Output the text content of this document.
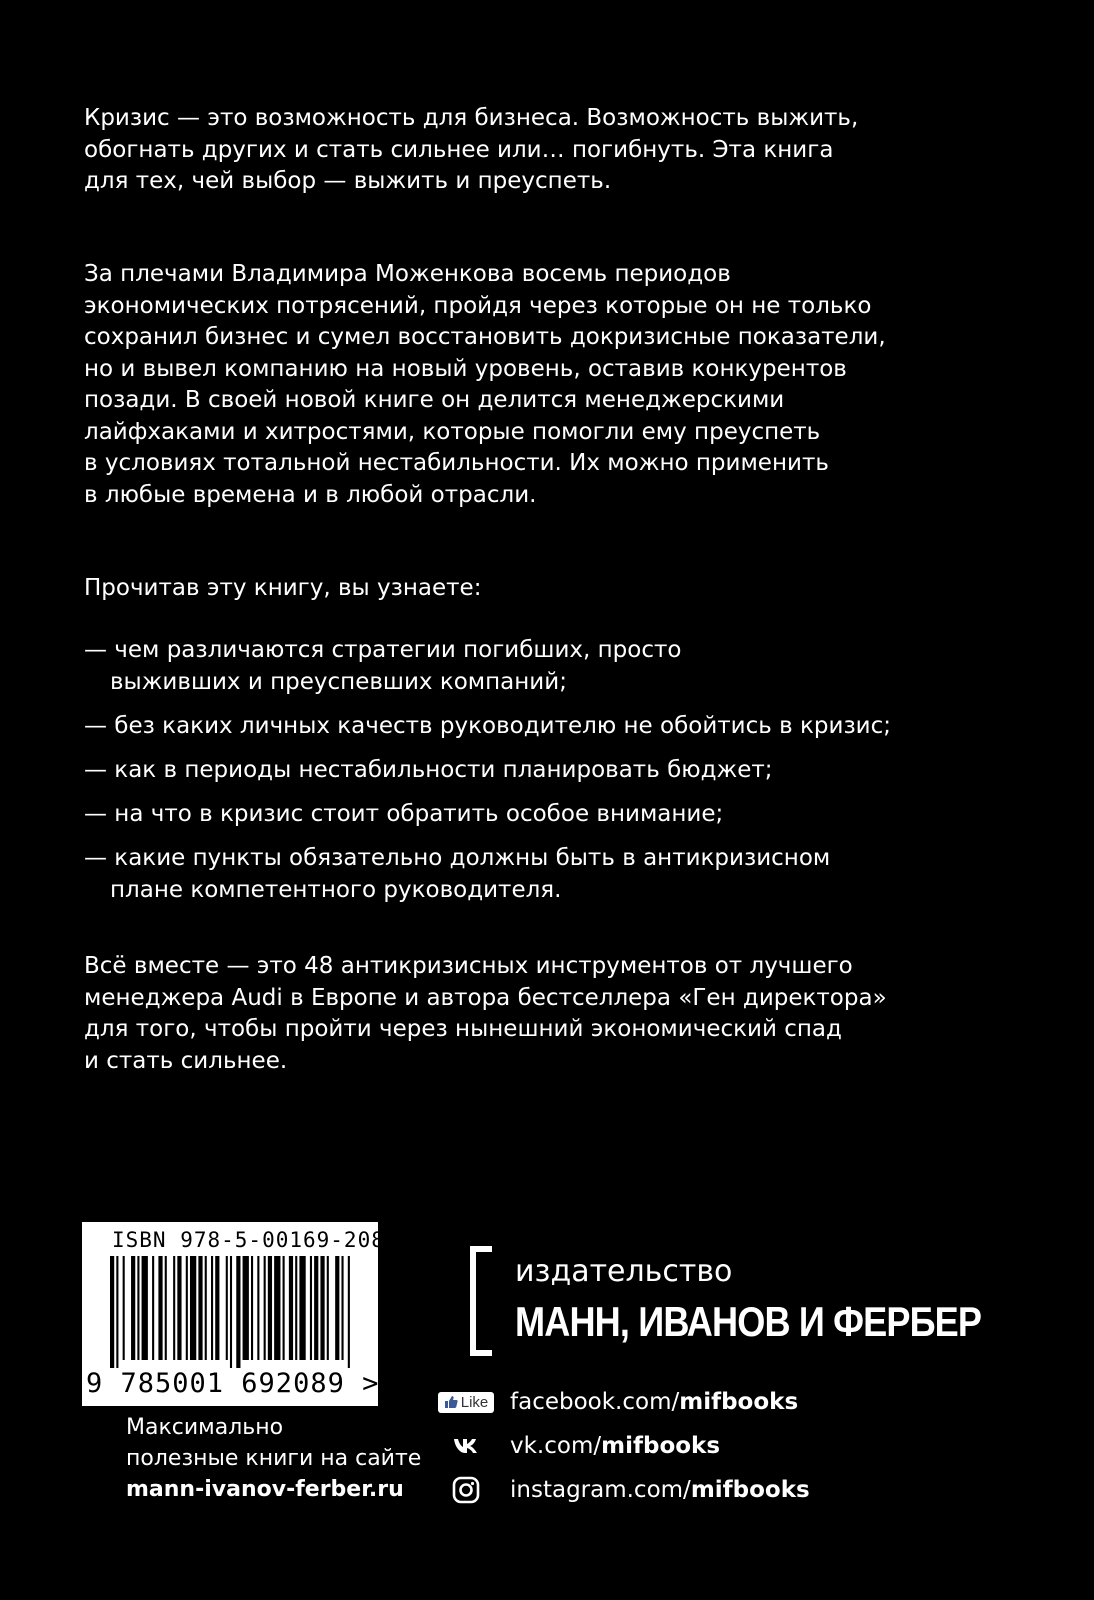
Кризис — это возможность для бизнеса. Возможность выжить,
обогнать других и стать сильнее или… погибнуть. Эта книга
для тех, чей выбор — выжить и преуспеть.
За плечами Владимира Моженкова восемь периодов
экономических потрясений, пройдя через которые он не только
сохранил бизнес и сумел восстановить докризисные показатели,
но и вывел компанию на новый уровень, оставив конкурентов
позади. В своей новой книге он делится менеджерскими
лайфхаками и хитростями, которые помогли ему преуспеть
в условиях тотальной нестабильности. Их можно применить
в любые времена и в любой отрасли.
Прочитав эту книгу, вы узнаете:
— чем различаются стратегии погибших, просто
выживших и преуспевших компаний;
— без каких личных качеств руководителю не обойтись в кризис;
— как в периоды нестабильности планировать бюджет;
— на что в кризис стоит обратить особое внимание;
— какие пункты обязательно должны быть в антикризисном
плане компетентного руководителя.
Всё вместе — это 48 антикризисных инструментов от лучшего
менеджера Audi в Европе и автора бестселлера «Ген директора»
для того, чтобы пройти через нынешний экономический спад
и стать сильнее.
ISBN 978-5-00169-208-9
9 785001 692089 >
Максимально
полезные книги на сайте
mann-ivanov-ferber.ru
издательство
МАНН, ИВАНОВ И ФЕРБЕР
Like facebook.com/mifbooks
vk.com/mifbooks
instagram.com/mifbooks
